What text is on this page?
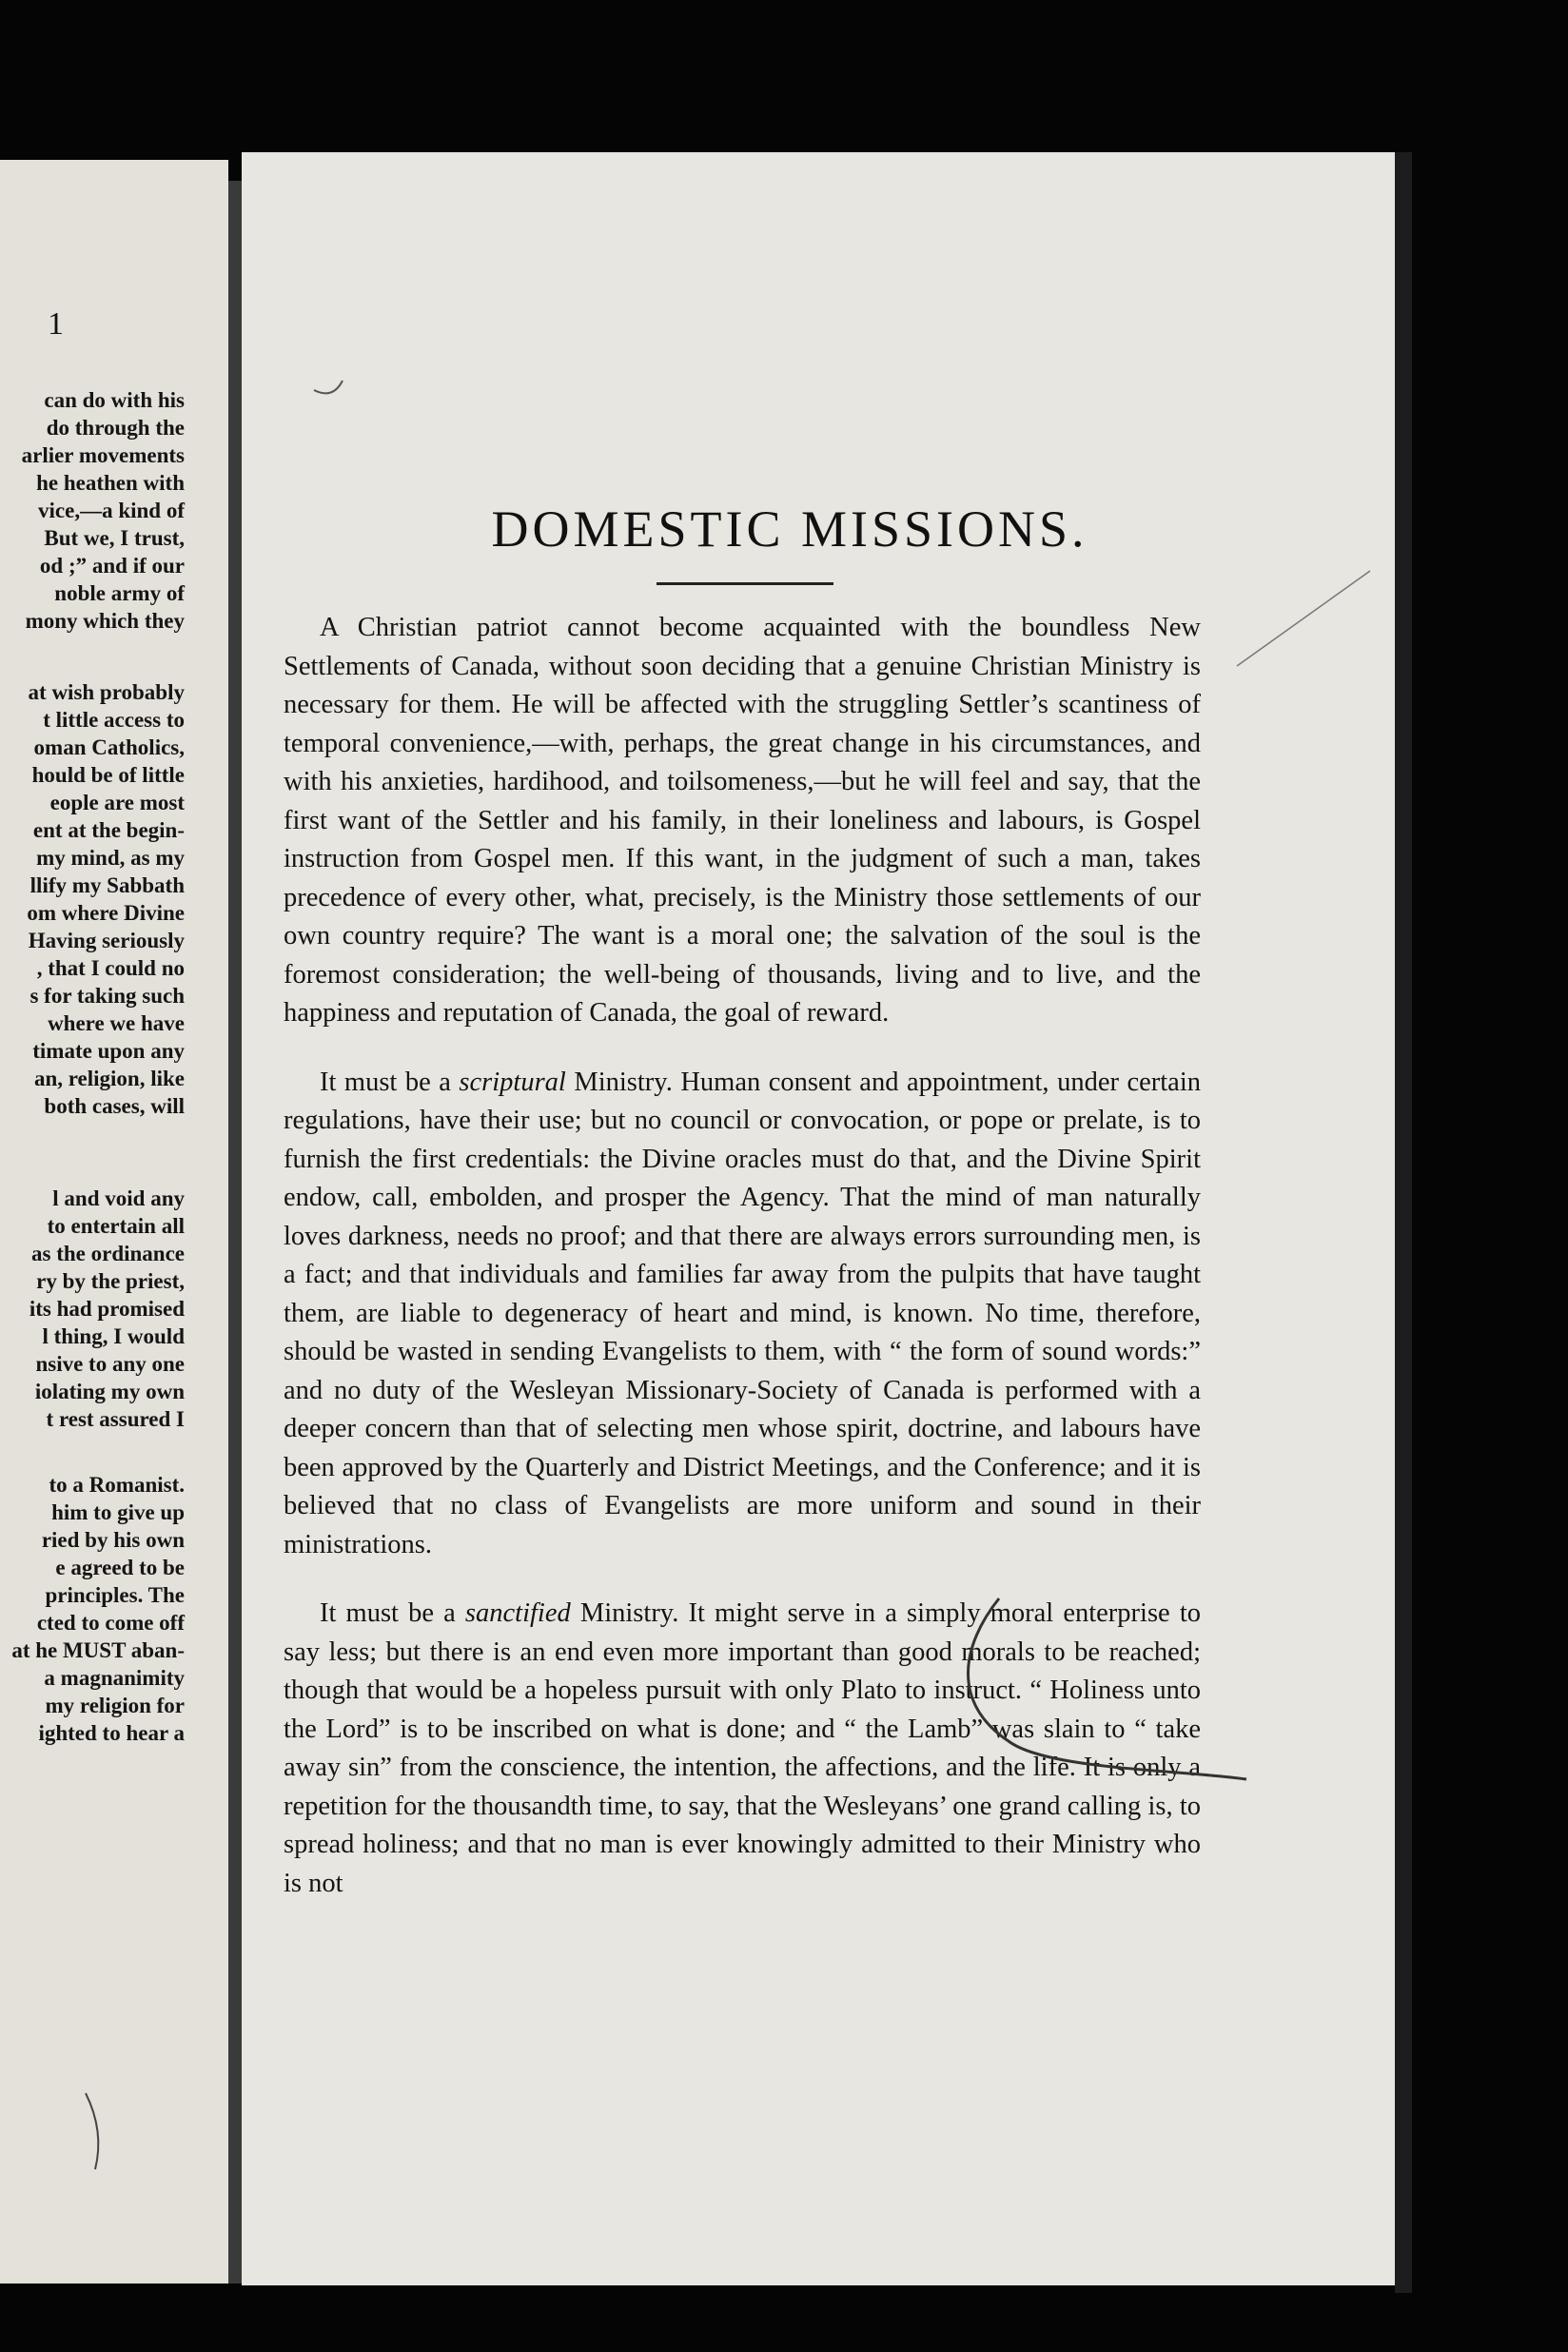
1
can do with his
do through the
arlier movements
he heathen with
vice,—a kind of
But we, I trust,
od ;” and if our
noble army of
mony which they
at wish probably
t little access to
oman Catholics,
hould be of little
eople are most
ent at the begin-
my mind, as my
llify my Sabbath
om where Divine
Having seriously
, that I could no
s for taking such
where we have
timate upon any
an, religion, like
both cases, will
l and void any
to entertain all
as the ordinance
ry by the priest,
its had promised
l thing, I would
nsive to any one
iolating my own
t rest assured I
to a Romanist.
him to give up
ried by his own
e agreed to be
principles. The
cted to come off
at he MUST aban-
a magnanimity
my religion for
ighted to hear a
DOMESTIC MISSIONS.

A Christian patriot cannot become acquainted with the boundless New Settlements of Canada, without soon deciding that a genuine Christian Ministry is necessary for them. He will be affected with the struggling Settler’s scantiness of temporal convenience,—with, perhaps, the great change in his circumstances, and with his anxieties, hardihood, and toilsomeness,—but he will feel and say, that the first want of the Settler and his family, in their loneliness and labours, is Gospel instruction from Gospel men. If this want, in the judgment of such a man, takes precedence of every other, what, precisely, is the Ministry those settlements of our own country require? The want is a moral one; the salvation of the soul is the foremost consideration; the well-being of thousands, living and to live, and the happiness and reputation of Canada, the goal of reward.

It must be a scriptural Ministry. Human consent and appointment, under certain regulations, have their use; but no council or convocation, or pope or prelate, is to furnish the first credentials: the Divine oracles must do that, and the Divine Spirit endow, call, embolden, and prosper the Agency. That the mind of man naturally loves darkness, needs no proof; and that there are always errors surrounding men, is a fact; and that individuals and families far away from the pulpits that have taught them, are liable to degeneracy of heart and mind, is known. No time, therefore, should be wasted in sending Evangelists to them, with “ the form of sound words:” and no duty of the Wesleyan Missionary-Society of Canada is performed with a deeper concern than that of selecting men whose spirit, doctrine, and labours have been approved by the Quarterly and District Meetings, and the Conference; and it is believed that no class of Evangelists are more uniform and sound in their ministrations.

It must be a sanctified Ministry. It might serve in a simply moral enterprise to say less; but there is an end even more important than good morals to be reached; though that would be a hopeless pursuit with only Plato to instruct. “ Holiness unto the Lord” is to be inscribed on what is done; and “ the Lamb” was slain to “ take away sin” from the conscience, the intention, the affections, and the life. It is only a repetition for the thousandth time, to say, that the Wesleyans’ one grand calling is, to spread holiness; and that no man is ever knowingly admitted to their Ministry who is not
